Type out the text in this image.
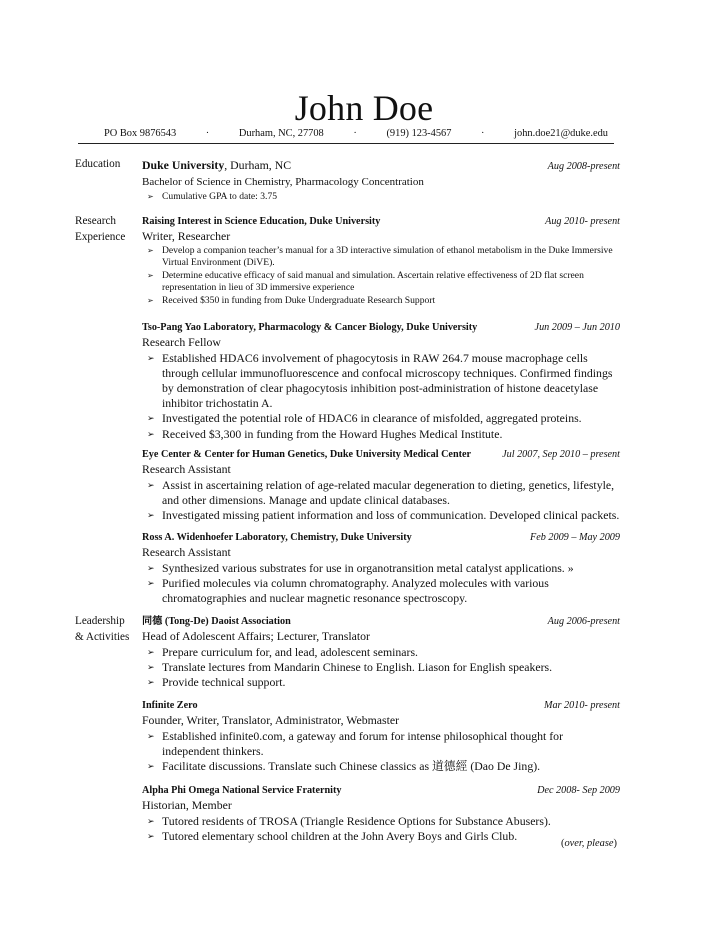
John Doe
PO Box 9876543	·	Durham, NC, 27708	·	(919) 123-4567	·	john.doe21@duke.edu
Education	Duke University, Durham, NC	Aug 2008-present
Bachelor of Science in Chemistry, Pharmacology Concentration
➢ Cumulative GPA to date: 3.75
Research
Experience
Raising Interest in Science Education, Duke University	Aug 2010- present
Writer, Researcher
➢ Develop a companion teacher’s manual for a 3D interactive simulation of ethanol metabolism in the Duke Immersive Virtual Environment (DiVE).
➢ Determine educative efficacy of said manual and simulation. Ascertain relative effectiveness of 2D flat screen representation in lieu of 3D immersive experience
➢ Received $350 in funding from Duke Undergraduate Research Support
Tso-Pang Yao Laboratory, Pharmacology & Cancer Biology, Duke University	Jun 2009 – Jun 2010
Research Fellow
➢ Established HDAC6 involvement of phagocytosis in RAW 264.7 mouse macrophage cells through cellular immunofluorescence and confocal microscopy techniques. Confirmed findings by demonstration of clear phagocytosis inhibition post-administration of histone deacetylase inhibitor trichostatin A.
➢ Investigated the potential role of HDAC6 in clearance of misfolded, aggregated proteins.
➢ Received $3,300 in funding from the Howard Hughes Medical Institute.
Eye Center & Center for Human Genetics, Duke University Medical Center	Jul 2007, Sep 2010 – present
Research Assistant
➢ Assist in ascertaining relation of age-related macular degeneration to dieting, genetics, lifestyle, and other dimensions. Manage and update clinical databases.
➢ Investigated missing patient information and loss of communication. Developed clinical packets.
Ross A. Widenhoefer Laboratory, Chemistry, Duke University	Feb 2009 – May 2009
Research Assistant
➢ Synthesized various substrates for use in organotransition metal catalyst applications. »
➢ Purified molecules via column chromatography. Analyzed molecules with various chromatographies and nuclear magnetic resonance spectroscopy.
Leadership
& Activities
同德 (Tong-De) Daoist Association	Aug 2006-present
Head of Adolescent Affairs; Lecturer, Translator
➢ Prepare curriculum for, and lead, adolescent seminars.
➢ Translate lectures from Mandarin Chinese to English. Liason for English speakers.
➢ Provide technical support.
Infinite Zero	Mar 2010- present
Founder, Writer, Translator, Administrator, Webmaster
➢ Established infinite0.com, a gateway and forum for intense philosophical thought for independent thinkers.
➢ Facilitate discussions. Translate such Chinese classics as 道德經 (Dao De Jing).
Alpha Phi Omega National Service Fraternity	Dec 2008- Sep 2009
Historian, Member
➢ Tutored residents of TROSA (Triangle Residence Options for Substance Abusers).
➢ Tutored elementary school children at the John Avery Boys and Girls Club.
(over, please)
